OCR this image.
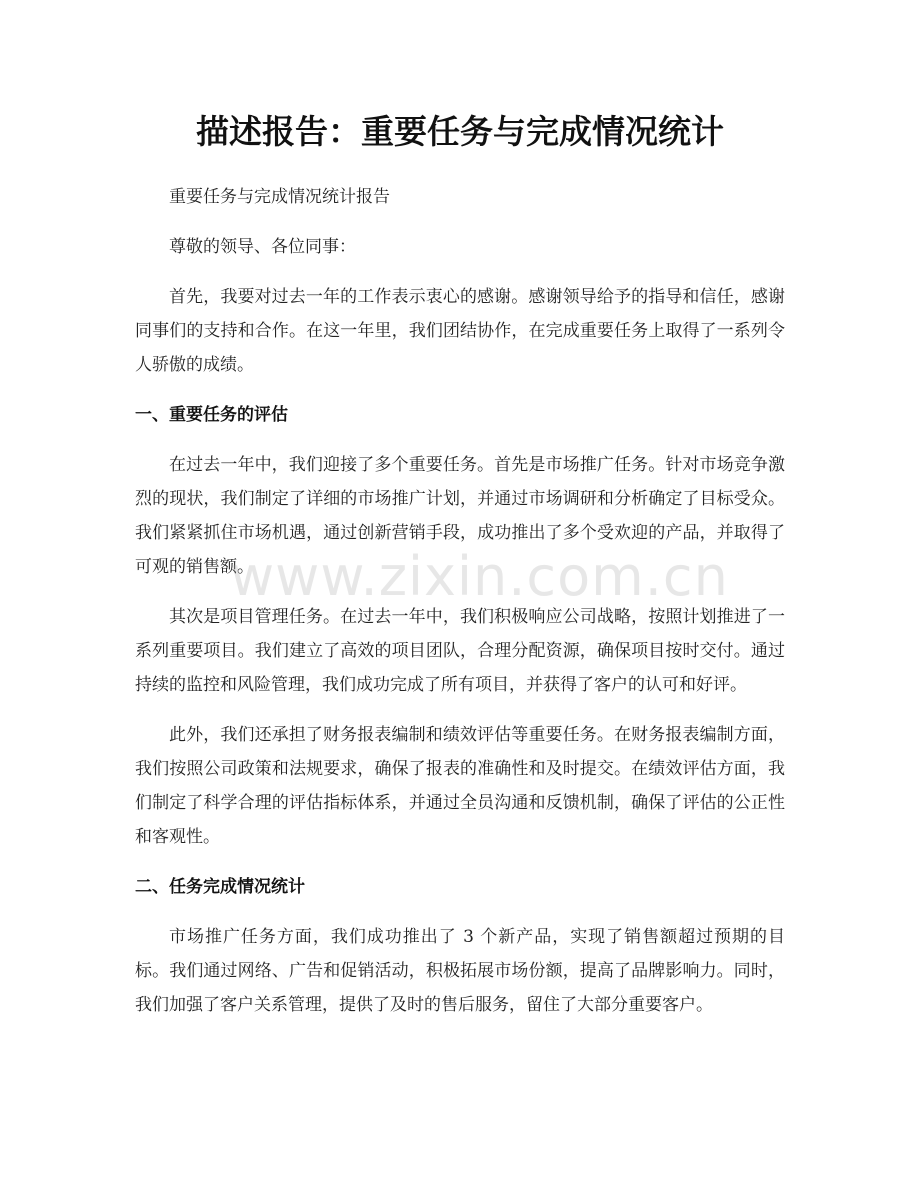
描述报告：重要任务与完成情况统计

重要任务与完成情况统计报告

尊敬的领导、各位同事：

首先，我要对过去一年的工作表示衷心的感谢。感谢领导给予的指导和信任，感谢同事们的支持和合作。在这一年里，我们团结协作，在完成重要任务上取得了一系列令人骄傲的成绩。

一、重要任务的评估

在过去一年中，我们迎接了多个重要任务。首先是市场推广任务。针对市场竞争激烈的现状，我们制定了详细的市场推广计划，并通过市场调研和分析确定了目标受众。我们紧紧抓住市场机遇，通过创新营销手段，成功推出了多个受欢迎的产品，并取得了可观的销售额。

其次是项目管理任务。在过去一年中，我们积极响应公司战略，按照计划推进了一系列重要项目。我们建立了高效的项目团队，合理分配资源，确保项目按时交付。通过持续的监控和风险管理，我们成功完成了所有项目，并获得了客户的认可和好评。

此外，我们还承担了财务报表编制和绩效评估等重要任务。在财务报表编制方面，我们按照公司政策和法规要求，确保了报表的准确性和及时提交。在绩效评估方面，我们制定了科学合理的评估指标体系，并通过全员沟通和反馈机制，确保了评估的公正性和客观性。

二、任务完成情况统计

市场推广任务方面，我们成功推出了 3 个新产品，实现了销售额超过预期的目标。我们通过网络、广告和促销活动，积极拓展市场份额，提高了品牌影响力。同时，我们加强了客户关系管理，提供了及时的售后服务，留住了大部分重要客户。

www.zixin.com.cn
